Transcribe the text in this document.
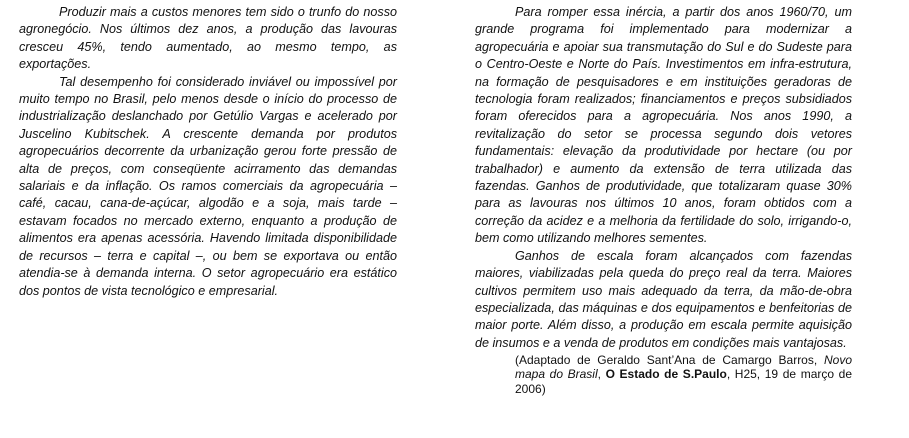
Produzir mais a custos menores tem sido o trunfo do nosso agronegócio. Nos últimos dez anos, a produção das lavouras cresceu 45%, tendo aumentado, ao mesmo tempo, as exportações.

Tal desempenho foi considerado inviável ou impossível por muito tempo no Brasil, pelo menos desde o início do processo de industrialização deslanchado por Getúlio Vargas e acelerado por Juscelino Kubitschek. A crescente demanda por produtos agropecuários decorrente da urbanização gerou forte pressão de alta de preços, com conseqüente acirramento das demandas salariais e da inflação. Os ramos comerciais da agropecuária – café, cacau, cana-de-açúcar, algodão e a soja, mais tarde – estavam focados no mercado externo, enquanto a produção de alimentos era apenas acessória. Havendo limitada disponibilidade de recursos – terra e capital –, ou bem se exportava ou então atendia-se à demanda interna. O setor agropecuário era estático dos pontos de vista tecnológico e empresarial.

Para romper essa inércia, a partir dos anos 1960/70, um grande programa foi implementado para modernizar a agropecuária e apoiar sua transmutação do Sul e do Sudeste para o Centro-Oeste e Norte do País. Investimentos em infra-estrutura, na formação de pesquisadores e em instituições geradoras de tecnologia foram realizados; financiamentos e preços subsidiados foram oferecidos para a agropecuária. Nos anos 1990, a revitalização do setor se processa segundo dois vetores fundamentais: elevação da produtividade por hectare (ou por trabalhador) e aumento da extensão de terra utilizada das fazendas. Ganhos de produtividade, que totalizaram quase 30% para as lavouras nos últimos 10 anos, foram obtidos com a correção da acidez e a melhoria da fertilidade do solo, irrigando-o, bem como utilizando melhores sementes.

Ganhos de escala foram alcançados com fazendas maiores, viabilizadas pela queda do preço real da terra. Maiores cultivos permitem uso mais adequado da terra, da mão-de-obra especializada, das máquinas e dos equipamentos e benfeitorias de maior porte. Além disso, a produção em escala permite aquisição de insumos e a venda de produtos em condições mais vantajosas.

(Adaptado de Geraldo Sant’Ana de Camargo Barros, Novo mapa do Brasil, O Estado de S.Paulo, H25, 19 de março de 2006)
